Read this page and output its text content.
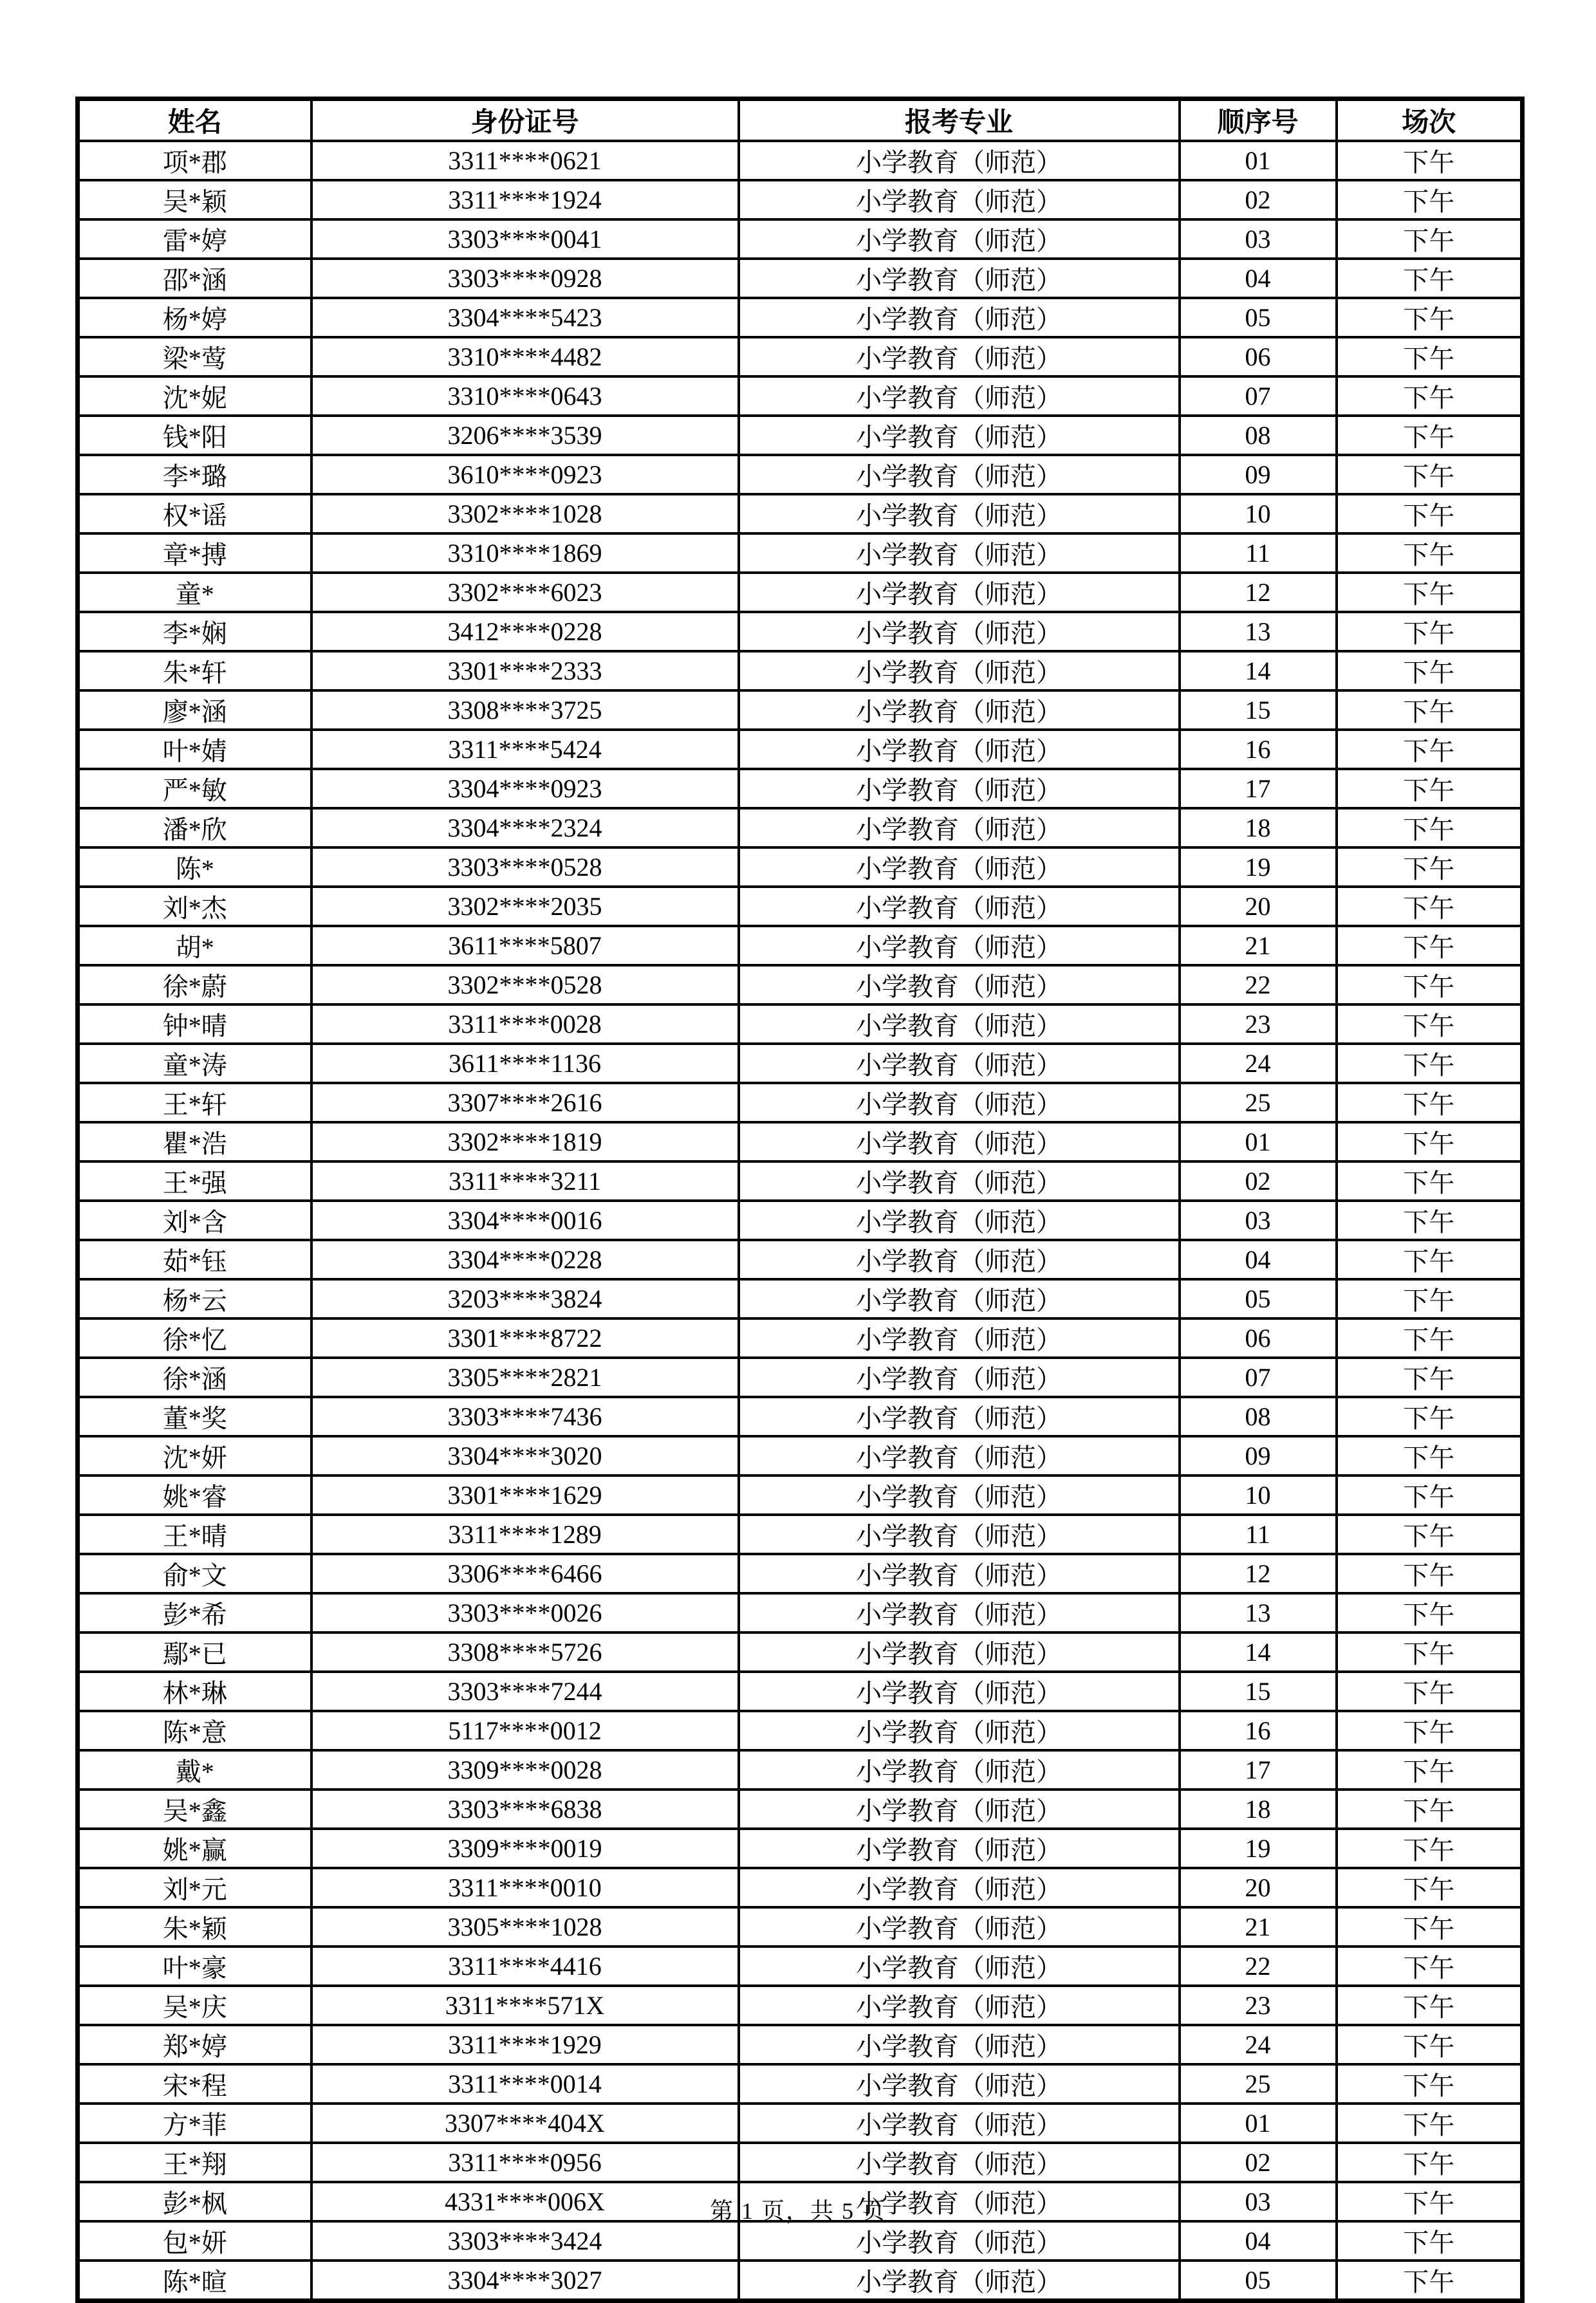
姓名	身份证号	报考专业	顺序号	场次
项*郡	3311****0621	小学教育（师范）	01	下午
吴*颖	3311****1924	小学教育（师范）	02	下午
雷*婷	3303****0041	小学教育（师范）	03	下午
邵*涵	3303****0928	小学教育（师范）	04	下午
杨*婷	3304****5423	小学教育（师范）	05	下午
梁*莺	3310****4482	小学教育（师范）	06	下午
沈*妮	3310****0643	小学教育（师范）	07	下午
钱*阳	3206****3539	小学教育（师范）	08	下午
李*璐	3610****0923	小学教育（师范）	09	下午
权*谣	3302****1028	小学教育（师范）	10	下午
章*搏	3310****1869	小学教育（师范）	11	下午
童*	3302****6023	小学教育（师范）	12	下午
李*娴	3412****0228	小学教育（师范）	13	下午
朱*轩	3301****2333	小学教育（师范）	14	下午
廖*涵	3308****3725	小学教育（师范）	15	下午
叶*婧	3311****5424	小学教育（师范）	16	下午
严*敏	3304****0923	小学教育（师范）	17	下午
潘*欣	3304****2324	小学教育（师范）	18	下午
陈*	3303****0528	小学教育（师范）	19	下午
刘*杰	3302****2035	小学教育（师范）	20	下午
胡*	3611****5807	小学教育（师范）	21	下午
徐*蔚	3302****0528	小学教育（师范）	22	下午
钟*晴	3311****0028	小学教育（师范）	23	下午
童*涛	3611****1136	小学教育（师范）	24	下午
王*轩	3307****2616	小学教育（师范）	25	下午
瞿*浩	3302****1819	小学教育（师范）	01	下午
王*强	3311****3211	小学教育（师范）	02	下午
刘*含	3304****0016	小学教育（师范）	03	下午
茹*钰	3304****0228	小学教育（师范）	04	下午
杨*云	3203****3824	小学教育（师范）	05	下午
徐*忆	3301****8722	小学教育（师范）	06	下午
徐*涵	3305****2821	小学教育（师范）	07	下午
董*奖	3303****7436	小学教育（师范）	08	下午
沈*妍	3304****3020	小学教育（师范）	09	下午
姚*睿	3301****1629	小学教育（师范）	10	下午
王*晴	3311****1289	小学教育（师范）	11	下午
俞*文	3306****6466	小学教育（师范）	12	下午
彭*希	3303****0026	小学教育（师范）	13	下午
鄢*已	3308****5726	小学教育（师范）	14	下午
林*琳	3303****7244	小学教育（师范）	15	下午
陈*意	5117****0012	小学教育（师范）	16	下午
戴*	3309****0028	小学教育（师范）	17	下午
吴*鑫	3303****6838	小学教育（师范）	18	下午
姚*赢	3309****0019	小学教育（师范）	19	下午
刘*元	3311****0010	小学教育（师范）	20	下午
朱*颖	3305****1028	小学教育（师范）	21	下午
叶*豪	3311****4416	小学教育（师范）	22	下午
吴*庆	3311****571X	小学教育（师范）	23	下午
郑*婷	3311****1929	小学教育（师范）	24	下午
宋*程	3311****0014	小学教育（师范）	25	下午
方*菲	3307****404X	小学教育（师范）	01	下午
王*翔	3311****0956	小学教育（师范）	02	下午
彭*枫	4331****006X	小学教育（师范）	03	下午
包*妍	3303****3424	小学教育（师范）	04	下午
陈*暄	3304****3027	小学教育（师范）	05	下午
第 1 页，共 5 页
